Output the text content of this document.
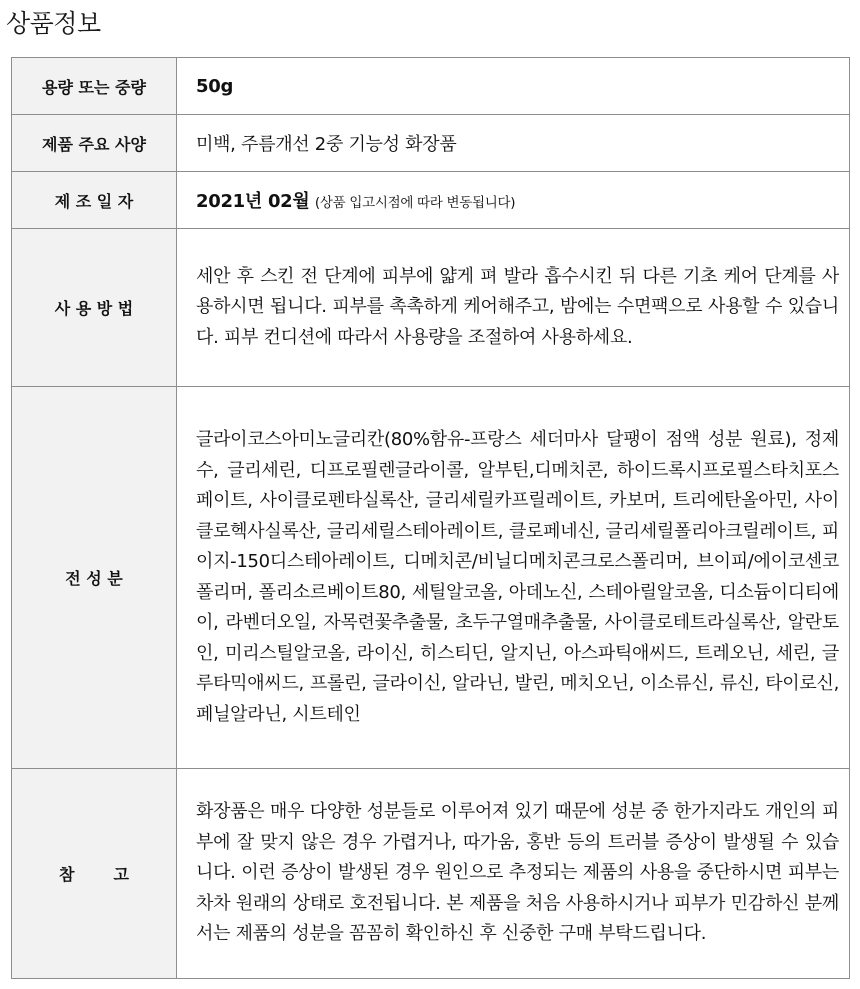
상품정보
용량 또는 중량	50g
제품 주요 사양	미백, 주름개선 2중 기능성 화장품
제 조 일 자	2021년 02월 (상품 입고시점에 따라 변동됩니다)
사 용 방 법	세안 후 스킨 전 단계에 피부에 얇게 펴 발라 흡수시킨 뒤 다른 기초 케어 단계를 사용하시면 됩니다. 피부를 촉촉하게 케어해주고, 밤에는 수면팩으로 사용할 수 있습니다. 피부 컨디션에 따라서 사용량을 조절하여 사용하세요.
전 성 분	글라이코스아미노글리칸(80%함유-프랑스 세더마사 달팽이 점액 성분 원료), 정제수, 글리세린, 디프로필렌글라이콜, 알부틴,디메치콘, 하이드록시프로필스타치포스페이트, 사이클로펜타실록산, 글리세릴카프릴레이트, 카보머, 트리에탄올아민, 사이클로헥사실록산, 글리세릴스테아레이트, 클로페네신, 글리세릴폴리아크릴레이트, 피이지-150디스테아레이트, 디메치콘/비닐디메치콘크로스폴리머, 브이피/에이코센코폴리머, 폴리소르베이트80, 세틸알코올, 아데노신, 스테아릴알코올, 디소듐이디티에이, 라벤더오일, 자목련꽃추출물, 초두구열매추출물, 사이클로테트라실록산, 알란토인, 미리스틸알코올, 라이신, 히스티딘, 알지닌, 아스파틱애씨드, 트레오닌, 세린, 글루타믹애씨드, 프롤린, 글라이신, 알라닌, 발린, 메치오닌, 이소류신, 류신, 타이로신, 페닐알라닌, 시트테인
참       고	화장품은 매우 다양한 성분들로 이루어져 있기 때문에 성분 중 한가지라도 개인의 피부에 잘 맞지 않은 경우 가렵거나, 따가움, 홍반 등의 트러블 증상이 발생될 수 있습니다. 이런 증상이 발생된 경우 원인으로 추정되는 제품의 사용을 중단하시면 피부는 차차 원래의 상태로 호전됩니다. 본 제품을 처음 사용하시거나 피부가 민감하신 분께서는 제품의 성분을 꼼꼼히 확인하신 후 신중한 구매 부탁드립니다.
